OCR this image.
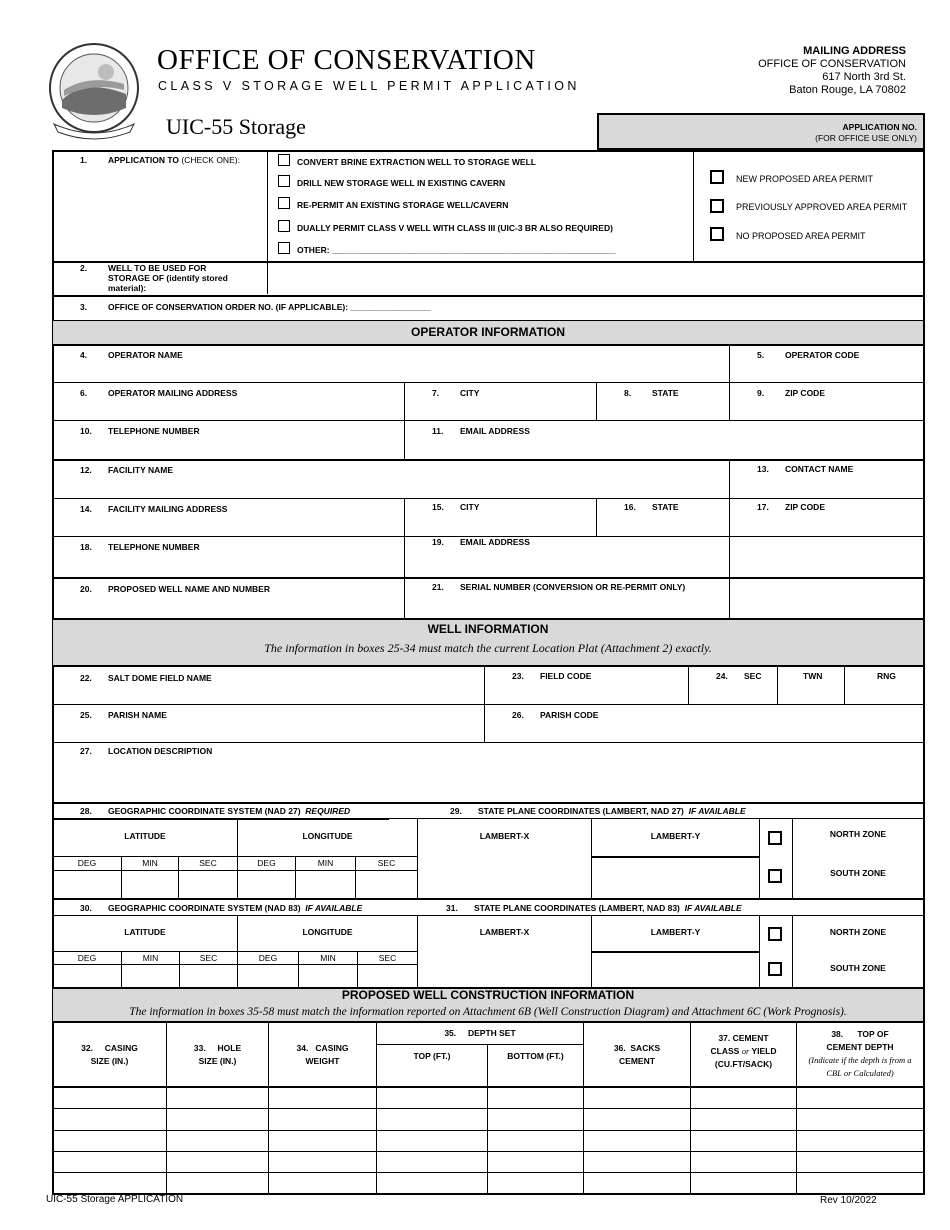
OFFICE OF CONSERVATION
CLASS V STORAGE WELL PERMIT APPLICATION
UIC-55 Storage
MAILING ADDRESS
OFFICE OF CONSERVATION
617 North 3rd St.
Baton Rouge, LA 70802
APPLICATION NO.
(FOR OFFICE USE ONLY)
1. APPLICATION TO (CHECK ONE):	CONVERT BRINE EXTRACTION WELL TO STORAGE WELL
DRILL NEW STORAGE WELL IN EXISTING CAVERN
RE-PERMIT AN EXISTING STORAGE WELL/CAVERN
DUALLY PERMIT CLASS V WELL WITH CLASS III (UIC-3 BR ALSO REQUIRED)
OTHER: ____________________________________________________________
NEW PROPOSED AREA PERMIT
PREVIOUSLY APPROVED AREA PERMIT
NO PROPOSED AREA PERMIT
2. WELL TO BE USED FOR
STORAGE OF (identify stored
material):
3. OFFICE OF CONSERVATION ORDER NO. (IF APPLICABLE): _________________
OPERATOR INFORMATION
4. OPERATOR NAME	5. OPERATOR CODE
6. OPERATOR MAILING ADDRESS	7. CITY	8. STATE	9. ZIP CODE
10. TELEPHONE NUMBER	11. EMAIL ADDRESS
12. FACILITY NAME	13. CONTACT NAME
14. FACILITY MAILING ADDRESS	15. CITY	16. STATE	17. ZIP CODE
18. TELEPHONE NUMBER	19. EMAIL ADDRESS
20. PROPOSED WELL NAME AND NUMBER	21. SERIAL NUMBER (CONVERSION OR RE-PERMIT ONLY)
WELL INFORMATION
The information in boxes 25-34 must match the current Location Plat (Attachment 2) exactly.
22. SALT DOME FIELD NAME	23. FIELD CODE	24. SEC	TWN	RNG
25. PARISH NAME	26. PARISH CODE
27. LOCATION DESCRIPTION
28. GEOGRAPHIC COORDINATE SYSTEM (NAD 27) REQUIRED	29. STATE PLANE COORDINATES (LAMBERT, NAD 27) IF AVAILABLE
LATITUDE	LONGITUDE	LAMBERT-X	LAMBERT-Y	NORTH ZONE
SOUTH ZONE
DEG	MIN	SEC	DEG	MIN	SEC
30. GEOGRAPHIC COORDINATE SYSTEM (NAD 83) IF AVAILABLE	31. STATE PLANE COORDINATES (LAMBERT, NAD 83) IF AVAILABLE
LATITUDE	LONGITUDE	LAMBERT-X	LAMBERT-Y	NORTH ZONE
SOUTH ZONE
DEG	MIN	SEC	DEG	MIN	SEC
PROPOSED WELL CONSTRUCTION INFORMATION
The information in boxes 35-58 must match the information reported on Attachment 6B (Well Construction Diagram) and Attachment 6C (Work Prognosis).
32. CASING
SIZE (IN.)
33. HOLE
SIZE (IN.)
34. CASING
WEIGHT
35. DEPTH SET
TOP (FT.)	BOTTOM (FT.)
36. SACKS
CEMENT
37. CEMENT
CLASS or YIELD
(CU.FT/SACK)
38. TOP OF
CEMENT DEPTH
(Indicate if the depth is from a
CBL or Calculated)
UIC-55 Storage APPLICATION	Rev 10/2022
